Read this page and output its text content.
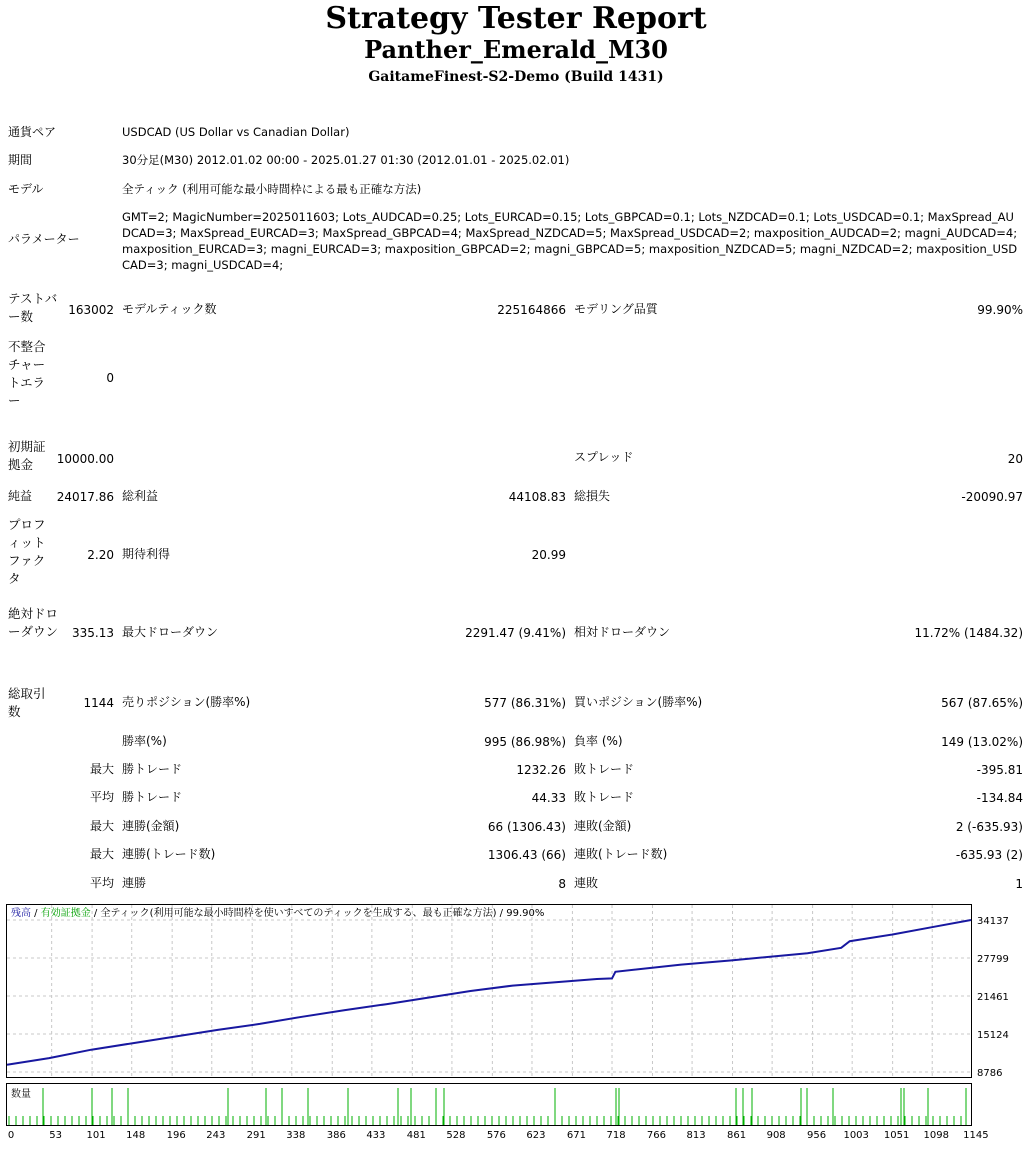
Strategy Tester Report
Panther_Emerald_M30
GaitameFinest-S2-Demo (Build 1431)
通貨ペア	USDCAD (US Dollar vs Canadian Dollar)
期間	30分足(M30) 2012.01.02 00:00 - 2025.01.27 01:30 (2012.01.01 - 2025.02.01)
モデル	全ティック (利用可能な最小時間枠による最も正確な方法)
パラメーター
GMT=2; MagicNumber=2025011603; Lots_AUDCAD=0.25; Lots_EURCAD=0.15; Lots_GBPCAD=0.1; Lots_NZDCAD=0.1; Lots_USDCAD=0.1; MaxSpread_AUDCAD=3; MaxSpread_EURCAD=3; MaxSpread_GBPCAD=4; MaxSpread_NZDCAD=5; MaxSpread_USDCAD=2; maxposition_AUDCAD=2; magni_AUDCAD=4; maxposition_EURCAD=3; magni_EURCAD=3; maxposition_GBPCAD=2; magni_GBPCAD=5; maxposition_NZDCAD=5; magni_NZDCAD=2; maxposition_USDCAD=3; magni_USDCAD=4;
テストバー数	163002 モデルティック数	225164866 モデリング品質	99.90%
不整合チャートエラー
0
初期証拠金	10000.00	スプレッド	20
純益 24017.86 総利益	44108.83 総損失	-20090.97
プロフィットファクタ
2.20 期待利得	20.99
絶対ドローダウン 335.13 最大ドローダウン	2291.47 (9.41%) 相対ドローダウン	11.72% (1484.32)
総取引数
1144 売りポジション(勝率%)	577 (86.31%) 買いポジション(勝率%)	567 (87.65%)
勝率(%)	995 (86.98%) 負率 (%)	149 (13.02%)
最大 勝トレード	1232.26 敗トレード	-395.81
平均 勝トレード	44.33 敗トレード	-134.84
最大 連勝(金額)	66 (1306.43) 連敗(金額)	2 (-635.93)
最大 連勝(トレード数)	1306.43 (66) 連敗(トレード数)	-635.93 (2)
平均 連勝	8 連敗	1
残高 / 有効証拠金 / 全ティック(利用可能な最小時間枠を使いすべてのティックを生成する、最も正確な方法) / 99.90%
34137
27799
21461
15124
8786
数量
0	53 101 148 196 243 291 338 386 433 481 528 576 623 671 718 766 813 861 908 956 1003 1051 1098 1145
